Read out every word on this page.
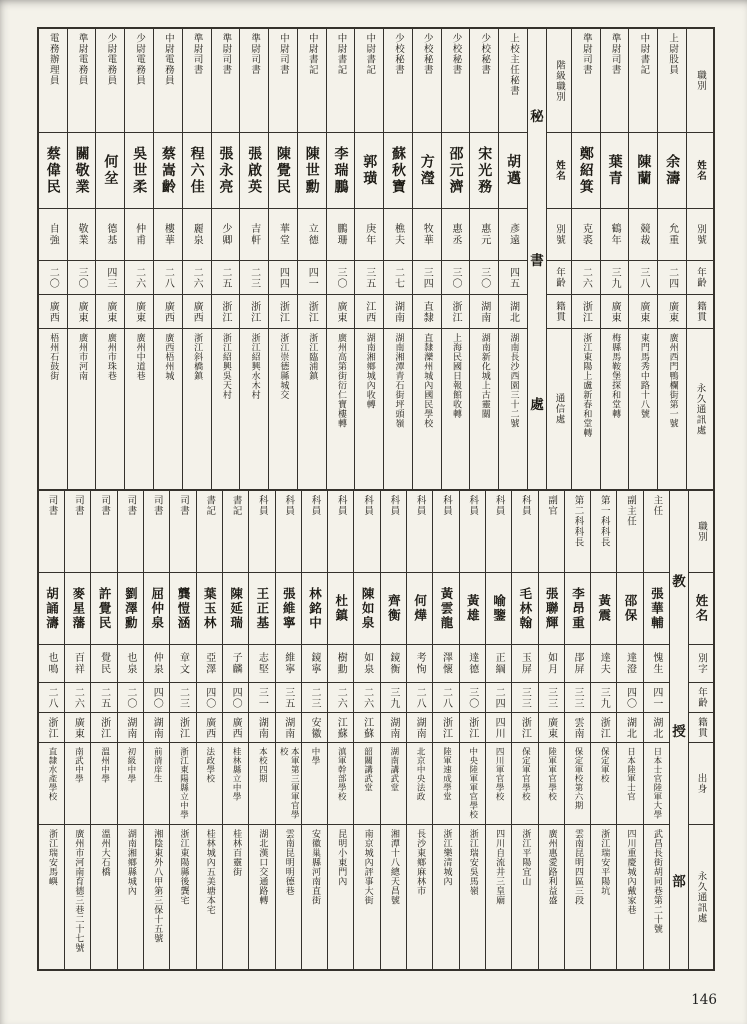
職別
姓名
別號
年齡
籍貫
永久通訊處
上尉股員
余濤
允重
二四
廣東
廣州西門鴨欄街第一號
中尉書記
陳蘭
競裁
三八
廣東
東門馬秀中路十八號
準尉司書
葉青
鶴年
三九
廣東
梅縣馬鞍堡探和堂轉
準尉司書
鄭紹箕
克裘
二六
浙江
浙江東陽上盧新春和堂轉
秘
書
處
階級職別
姓名
別號
年齡
籍貫
通信處
上校主任秘書
胡邁
彥遠
四五
湖北
湖南長沙西園三十二號
少校秘書
宋光務
惠元
三〇
湖南
湖南新化城上古靈關
少校秘書
邵元濟
惠丞
三〇
浙江
上海民國日報館收轉
少校秘書
方瀅
牧華
三四
直隸
直隸灤州城內國民學校
少校秘書
蘇秋寶
樵夫
二七
湖南
湖南湘潭青石街坪頭嶺
中尉書記
郭璜
庚年
三五
江西
湖南湘鄉城內收轉
中尉書記
李瑞鵬
鵬珊
三〇
廣東
廣州高第街衍仁寶樓轉
中尉書記
陳世勳
立德
四一
浙江
浙江臨浦鎮
中尉司書
陳覺民
華堂
四四
浙江
浙江崇德縣城交
準尉司書
張啟英
吉軒
二三
浙江
浙江紹興水木村
準尉司書
張永亮
少卿
二五
浙江
浙江紹興吳天村
準尉司書
程六佳
麗泉
二六
廣西
浙江斜橋鎮
中尉電務員
蔡嵩齡
樓華
二八
廣西
廣西梧州城
少尉電務員
吳世柔
仲甫
二六
廣東
廣州中道巷
少尉電務員
何坌
德基
四三
廣東
廣州市珠巷
準尉電務員
關敬業
敬業
三〇
廣東
廣州市河南
電務辦理員
蔡偉民
自強
二〇
廣西
梧州石鼓街
教
授
部
職別
姓名
別字
年齡
籍貫
出身
永久通訊處
主任
張華輔
愧生
四一
湖北
日本士官陸軍大學
武昌長街胡同巷第二十號
副主任
邵保
達澄
四〇
湖北
日本陸軍士官
四川重慶城內戴家巷
第一科科長
黃震
達夫
三九
浙江
保定軍校
浙江瑞安平陽坑
第二科科長
李昂重
郘屏
三三
雲南
保定軍校第六期
雲南昆明四區三段
副官
張聯輝
如月
三三
廣東
陸軍軍官學校
廣州惠愛路利益盛
科員
毛林翰
玉屏
三三
浙江
保定軍官學校
浙江平陽宜山
科員
喻鑒
正綱
二四
四川
四川軍官學校
四川自流井三皇廟
科員
黃雄
達德
三〇
浙江
中央陸軍軍官學校
浙江瑞安吳馬嶺
科員
黃雲龍
澤懷
二八
浙江
陸軍速成學堂
浙江樂清城內
科員
何燁
考恂
二八
湖南
北京中央法政
長沙東鄉麻林市
科員
齊衡
鏡衡
三九
湖南
湖南講武堂
湘潭十八總天昌號
科員
陳如泉
如泉
二六
江蘇
韶關講武堂
南京城內評事大街
科員
杜鎮
樹勳
二六
江蘇
滇軍幹部學校
昆明小東門內
科員
林銘中
鏡寧
二三
安徽
中學
安徽巢縣河南直街
科員
張維寧
維寧
三五
湖南
本軍第三軍軍官學校
雲南昆明明德巷
科員
王正基
志堅
三一
湖南
本校四期
湖北漢口交通路轉
書記
陳延瑞
子麟
四〇
廣西
桂林縣立中學
桂林百靈街
書記
葉玉林
亞澤
四〇
廣西
法政學校
桂林城內五美塘本宅
司書
龔愷涵
章文
二三
浙江
浙江東陽縣立中學
浙江東陽縣後龔宅
司書
屈仲泉
仲泉
四〇
湖南
前清庠生
湘陰東外八甲第三保十五號
司書
劉澤勳
也泉
二〇
湖南
初級中學
湖南湘鄉縣城內
司書
許覺民
覺民
二五
浙江
溫州中學
溫州大石橋
司書
麥星藩
百祥
二六
廣東
南武中學
廣州市河南育德三巷二十七號
司書
胡誦濤
也鳴
二八
浙江
直隸水產學校
浙江瑞安馬嶼
146
